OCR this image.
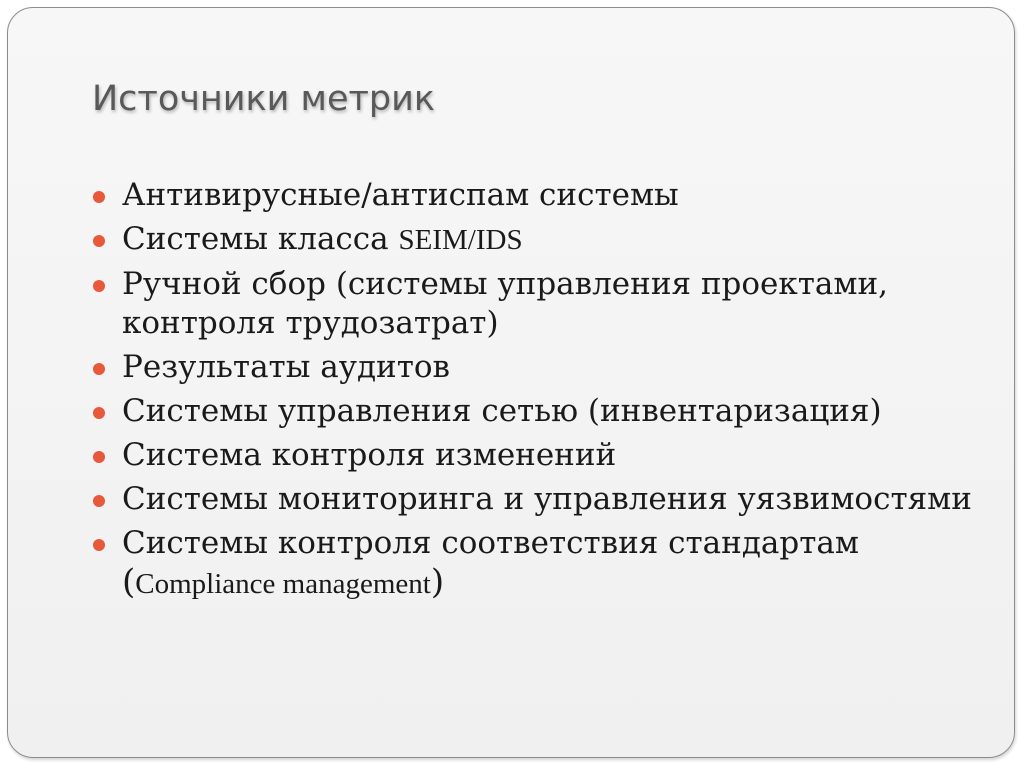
Источники метрик
Антивирусные/антиспам системы
Системы класса SEIM/IDS
Ручной сбор (системы управления проектами, контроля трудозатрат)
Результаты аудитов
Системы управления сетью (инвентаризация)
Система контроля изменений
Системы мониторинга и управления уязвимостями
Системы контроля соответствия стандартам (Compliance management)
